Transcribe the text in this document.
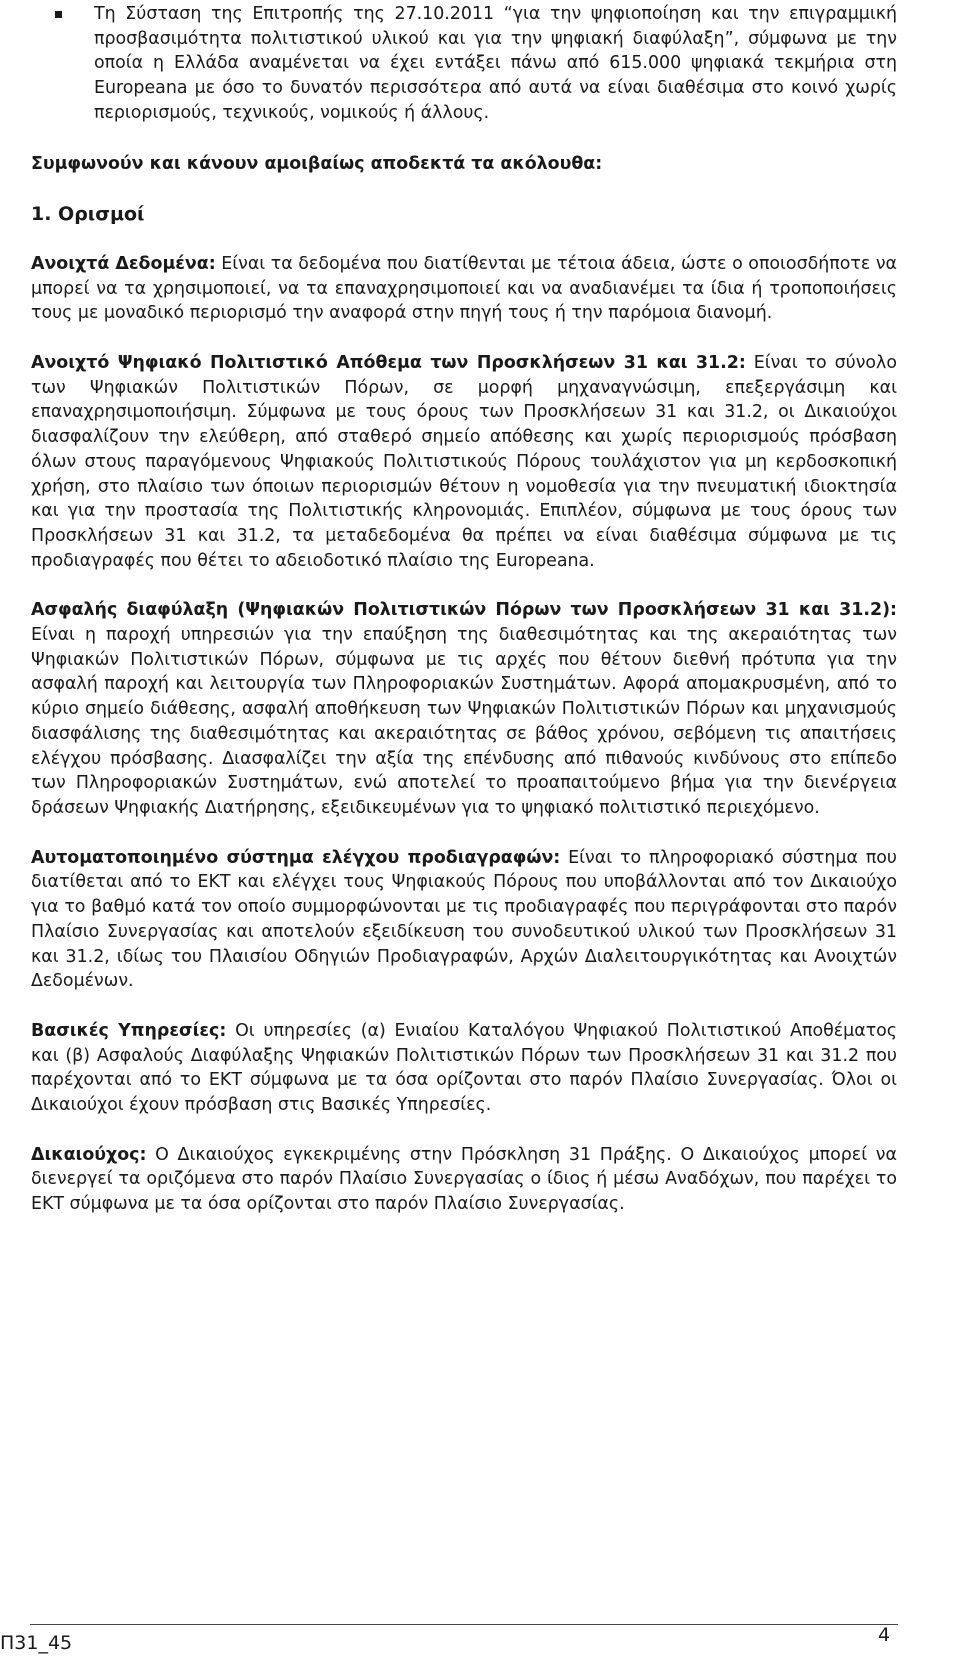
Τη Σύσταση της Επιτροπής της 27.10.2011 “για την ψηφιοποίηση και την επιγραμμική προσβασιμότητα πολιτιστικού υλικού και για την ψηφιακή διαφύλαξη”, σύμφωνα με την οποία η Ελλάδα αναμένεται να έχει εντάξει πάνω από 615.000 ψηφιακά τεκμήρια στη Europeana με όσο το δυνατόν περισσότερα από αυτά να είναι διαθέσιμα στο κοινό χωρίς περιορισμούς, τεχνικούς, νομικούς ή άλλους.

Συμφωνούν και κάνουν αμοιβαίως αποδεκτά τα ακόλουθα:

1. Ορισμοί

Ανοιχτά Δεδομένα: Είναι τα δεδομένα που διατίθενται με τέτοια άδεια, ώστε ο οποιοσδήποτε να μπορεί να τα χρησιμοποιεί, να τα επαναχρησιμοποιεί και να αναδιανέμει τα ίδια ή τροποποιήσεις τους με μοναδικό περιορισμό την αναφορά στην πηγή τους ή την παρόμοια διανομή.

Ανοιχτό Ψηφιακό Πολιτιστικό Απόθεμα των Προσκλήσεων 31 και 31.2: Είναι το σύνολο των Ψηφιακών Πολιτιστικών Πόρων, σε μορφή μηχαναγνώσιμη, επεξεργάσιμη και επαναχρησιμοποιήσιμη. Σύμφωνα με τους όρους των Προσκλήσεων 31 και 31.2, οι Δικαιούχοι διασφαλίζουν την ελεύθερη, από σταθερό σημείο απόθεσης και χωρίς περιορισμούς πρόσβαση όλων στους παραγόμενους Ψηφιακούς Πολιτιστικούς Πόρους τουλάχιστον για μη κερδοσκοπική χρήση, στο πλαίσιο των όποιων περιορισμών θέτουν η νομοθεσία για την πνευματική ιδιοκτησία και για την προστασία της Πολιτιστικής κληρονομιάς. Επιπλέον, σύμφωνα με τους όρους των Προσκλήσεων 31 και 31.2, τα μεταδεδομένα θα πρέπει να είναι διαθέσιμα σύμφωνα με τις προδιαγραφές που θέτει το αδειοδοτικό πλαίσιο της Europeana.

Ασφαλής διαφύλαξη (Ψηφιακών Πολιτιστικών Πόρων των Προσκλήσεων 31 και 31.2): Είναι η παροχή υπηρεσιών για την επαύξηση της διαθεσιμότητας και της ακεραιότητας των Ψηφιακών Πολιτιστικών Πόρων, σύμφωνα με τις αρχές που θέτουν διεθνή πρότυπα για την ασφαλή παροχή και λειτουργία των Πληροφοριακών Συστημάτων. Αφορά απομακρυσμένη, από το κύριο σημείο διάθεσης, ασφαλή αποθήκευση των Ψηφιακών Πολιτιστικών Πόρων και μηχανισμούς διασφάλισης της διαθεσιμότητας και ακεραιότητας σε βάθος χρόνου, σεβόμενη τις απαιτήσεις ελέγχου πρόσβασης. Διασφαλίζει την αξία της επένδυσης από πιθανούς κινδύνους στο επίπεδο των Πληροφοριακών Συστημάτων, ενώ αποτελεί το προαπαιτούμενο βήμα για την διενέργεια δράσεων Ψηφιακής Διατήρησης, εξειδικευμένων για το ψηφιακό πολιτιστικό περιεχόμενο.

Αυτοματοποιημένο σύστημα ελέγχου προδιαγραφών: Είναι το πληροφοριακό σύστημα που διατίθεται από το ΕΚΤ και ελέγχει τους Ψηφιακούς Πόρους που υποβάλλονται από τον Δικαιούχο για το βαθμό κατά τον οποίο συμμορφώνονται με τις προδιαγραφές που περιγράφονται στο παρόν Πλαίσιο Συνεργασίας και αποτελούν εξειδίκευση του συνοδευτικού υλικού των Προσκλήσεων 31 και 31.2, ιδίως του Πλαισίου Οδηγιών Προδιαγραφών, Αρχών Διαλειτουργικότητας και Ανοιχτών Δεδομένων.

Βασικές Υπηρεσίες: Οι υπηρεσίες (α) Ενιαίου Καταλόγου Ψηφιακού Πολιτιστικού Αποθέματος και (β) Ασφαλούς Διαφύλαξης Ψηφιακών Πολιτιστικών Πόρων των Προσκλήσεων 31 και 31.2 που παρέχονται από το ΕΚΤ σύμφωνα με τα όσα ορίζονται στο παρόν Πλαίσιο Συνεργασίας. Όλοι οι Δικαιούχοι έχουν πρόσβαση στις Βασικές Υπηρεσίες.

Δικαιούχος: Ο Δικαιούχος εγκεκριμένης στην Πρόσκληση 31 Πράξης. Ο Δικαιούχος μπορεί να διενεργεί τα οριζόμενα στο παρόν Πλαίσιο Συνεργασίας ο ίδιος ή μέσω Αναδόχων, που παρέχει το ΕΚΤ σύμφωνα με τα όσα ορίζονται στο παρόν Πλαίσιο Συνεργασίας.

Π31_45	4
